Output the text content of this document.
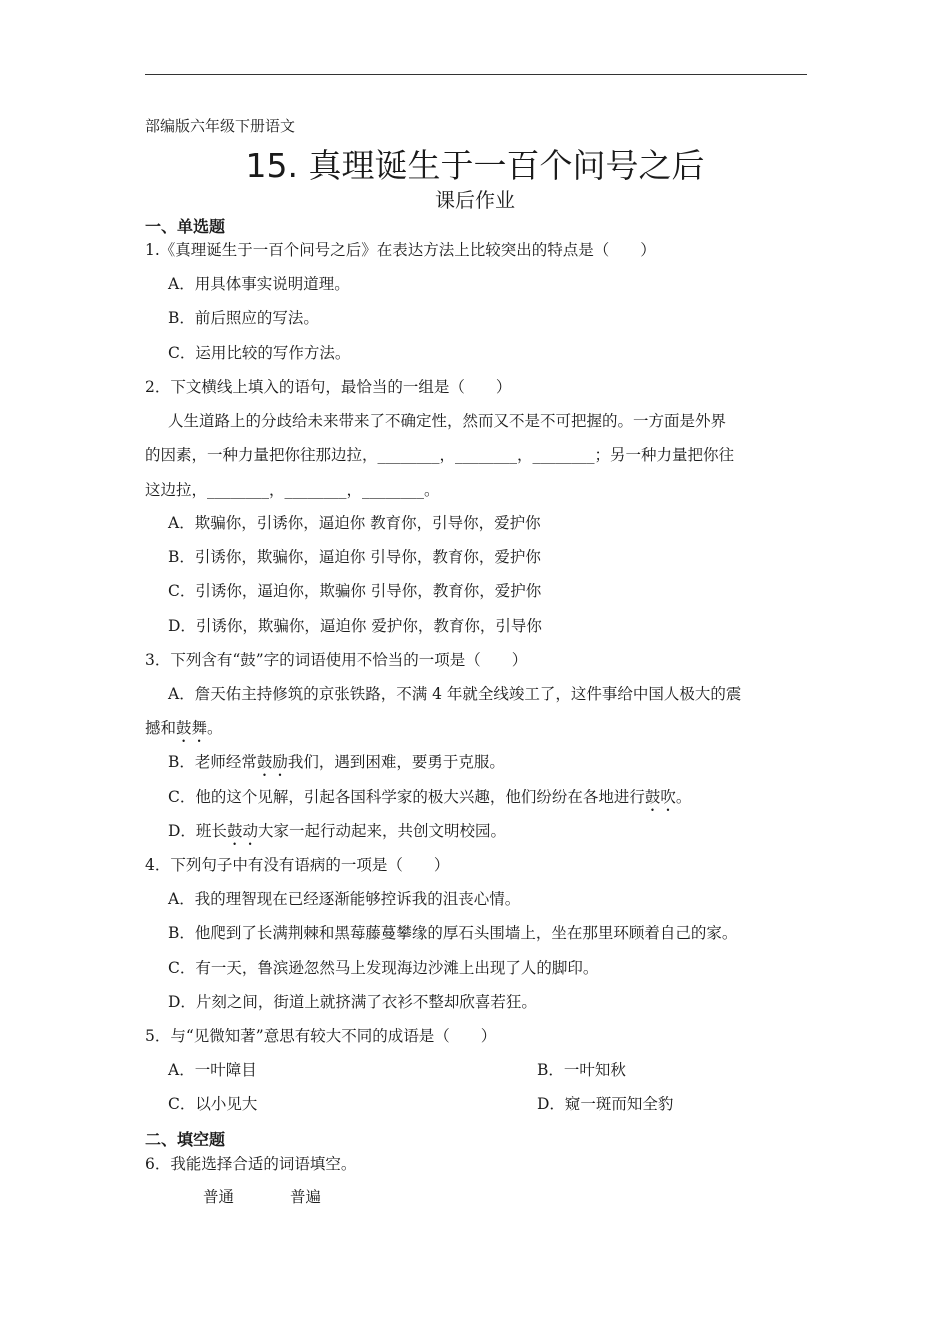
部编版六年级下册语文
15. 真理诞生于一百个问号之后
课后作业
一、单选题
1.《真理诞生于一百个问号之后》在表达方法上比较突出的特点是（　　）
A．用具体事实说明道理。
B．前后照应的写法。
C．运用比较的写作方法。
2．下文横线上填入的语句，最恰当的一组是（　　）
人生道路上的分歧给未来带来了不确定性，然而又不是不可把握的。一方面是外界
的因素，一种力量把你往那边拉，________，________，________；另一种力量把你往
这边拉，________，________，________。
A．欺骗你，引诱你，逼迫你 教育你，引导你，爱护你
B．引诱你，欺骗你，逼迫你 引导你，教育你，爱护你
C．引诱你，逼迫你，欺骗你 引导你，教育你，爱护你
D．引诱你，欺骗你，逼迫你 爱护你，教育你，引导你
3．下列含有“鼓”字的词语使用不恰当的一项是（　　）
A．詹天佑主持修筑的京张铁路，不满 4 年就全线竣工了，这件事给中国人极大的震
撼和鼓舞。
B．老师经常鼓励我们，遇到困难，要勇于克服。
C．他的这个见解，引起各国科学家的极大兴趣，他们纷纷在各地进行鼓吹。
D．班长鼓动大家一起行动起来，共创文明校园。
4．下列句子中有没有语病的一项是（　　）
A．我的理智现在已经逐渐能够控诉我的沮丧心情。
B．他爬到了长满荆棘和黑莓藤蔓攀缘的厚石头围墙上，坐在那里环顾着自己的家。
C．有一天，鲁滨逊忽然马上发现海边沙滩上出现了人的脚印。
D．片刻之间，街道上就挤满了衣衫不整却欣喜若狂。
5．与“见微知著”意思有较大不同的成语是（　　）
A．一叶障目	B．一叶知秋
C．以小见大	D．窥一斑而知全豹
二、填空题
6．我能选择合适的词语填空。
普通	普遍
